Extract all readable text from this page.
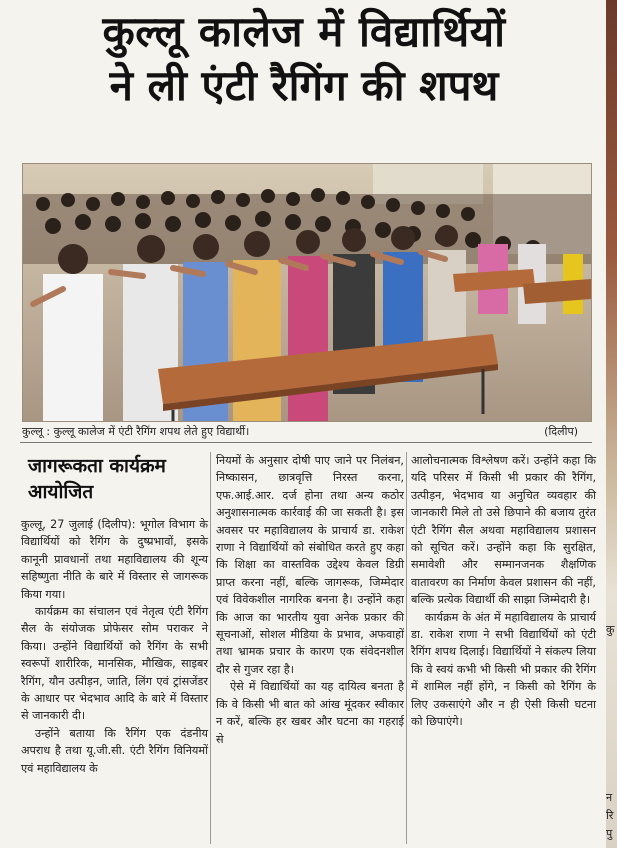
कुल्लू कालेज में विद्यार्थियों
ने ली एंटी रैगिंग की शपथ
कुल्लू : कुल्लू कालेज में एंटी रैगिंग शपथ लेते हुए विद्यार्थी।	(दिलीप)
जागरूकता कार्यक्रम आयोजित

कुल्लू, 27 जुलाई (दिलीप): भूगोल विभाग के विद्यार्थियों को रैगिंग के दुष्प्रभावों, इसके कानूनी प्रावधानों तथा महाविद्यालय की शून्य सहिष्णुता नीति के बारे में विस्तार से जागरूक किया गया।

कार्यक्रम का संचालन एवं नेतृत्व एंटी रैगिंग सैल के संयोजक प्रोफेसर सोम पराकर ने किया। उन्होंने विद्यार्थियों को रैगिंग के सभी स्वरूपों शारीरिक, मानसिक, मौखिक, साइबर रैगिंग, यौन उत्पीड़न, जाति, लिंग एवं ट्रांसजेंडर के आधार पर भेदभाव आदि के बारे में विस्तार से जानकारी दी।

उन्होंने बताया कि रैगिंग एक दंडनीय अपराध है तथा यू.जी.सी. एंटी रैगिंग विनियमों एवं महाविद्यालय के

नियमों के अनुसार दोषी पाए जाने पर निलंबन, निष्कासन, छात्रवृत्ति निरस्त करना, एफ.आई.आर. दर्ज होना तथा अन्य कठोर अनुशासनात्मक कार्रवाई की जा सकती है। इस अवसर पर महाविद्यालय के प्राचार्य डा. राकेश राणा ने विद्यार्थियों को संबोधित करते हुए कहा कि शिक्षा का वास्तविक उद्देश्य केवल डिग्री प्राप्त करना नहीं, बल्कि जागरूक, जिम्मेदार एवं विवेकशील नागरिक बनना है। उन्होंने कहा कि आज का भारतीय युवा अनेक प्रकार की सूचनाओं, सोशल मीडिया के प्रभाव, अफवाहों तथा भ्रामक प्रचार के कारण एक संवेदनशील दौर से गुजर रहा है।

ऐसे में विद्यार्थियों का यह दायित्व बनता है कि वे किसी भी बात को आंख मूंदकर स्वीकार न करें, बल्कि हर खबर और घटना का गहराई से

आलोचनात्मक विश्लेषण करें। उन्होंने कहा कि यदि परिसर में किसी भी प्रकार की रैगिंग, उत्पीड़न, भेदभाव या अनुचित व्यवहार की जानकारी मिले तो उसे छिपाने की बजाय तुरंत एंटी रैगिंग सैल अथवा महाविद्यालय प्रशासन को सूचित करें। उन्होंने कहा कि सुरक्षित, समावेशी और सम्मानजनक शैक्षणिक वातावरण का निर्माण केवल प्रशासन की नहीं, बल्कि प्रत्येक विद्यार्थी की साझा जिम्मेदारी है।

कार्यक्रम के अंत में महाविद्यालय के प्राचार्य डा. राकेश राणा ने सभी विद्यार्थियों को एंटी रैगिंग शपथ दिलाई। विद्यार्थियों ने संकल्प लिया कि वे स्वयं कभी भी किसी भी प्रकार की रैगिंग में शामिल नहीं होंगे, न किसी को रैगिंग के लिए उकसाएंगे और न ही ऐसी किसी घटना को छिपाएंगे।

कु
न
रि
पु
